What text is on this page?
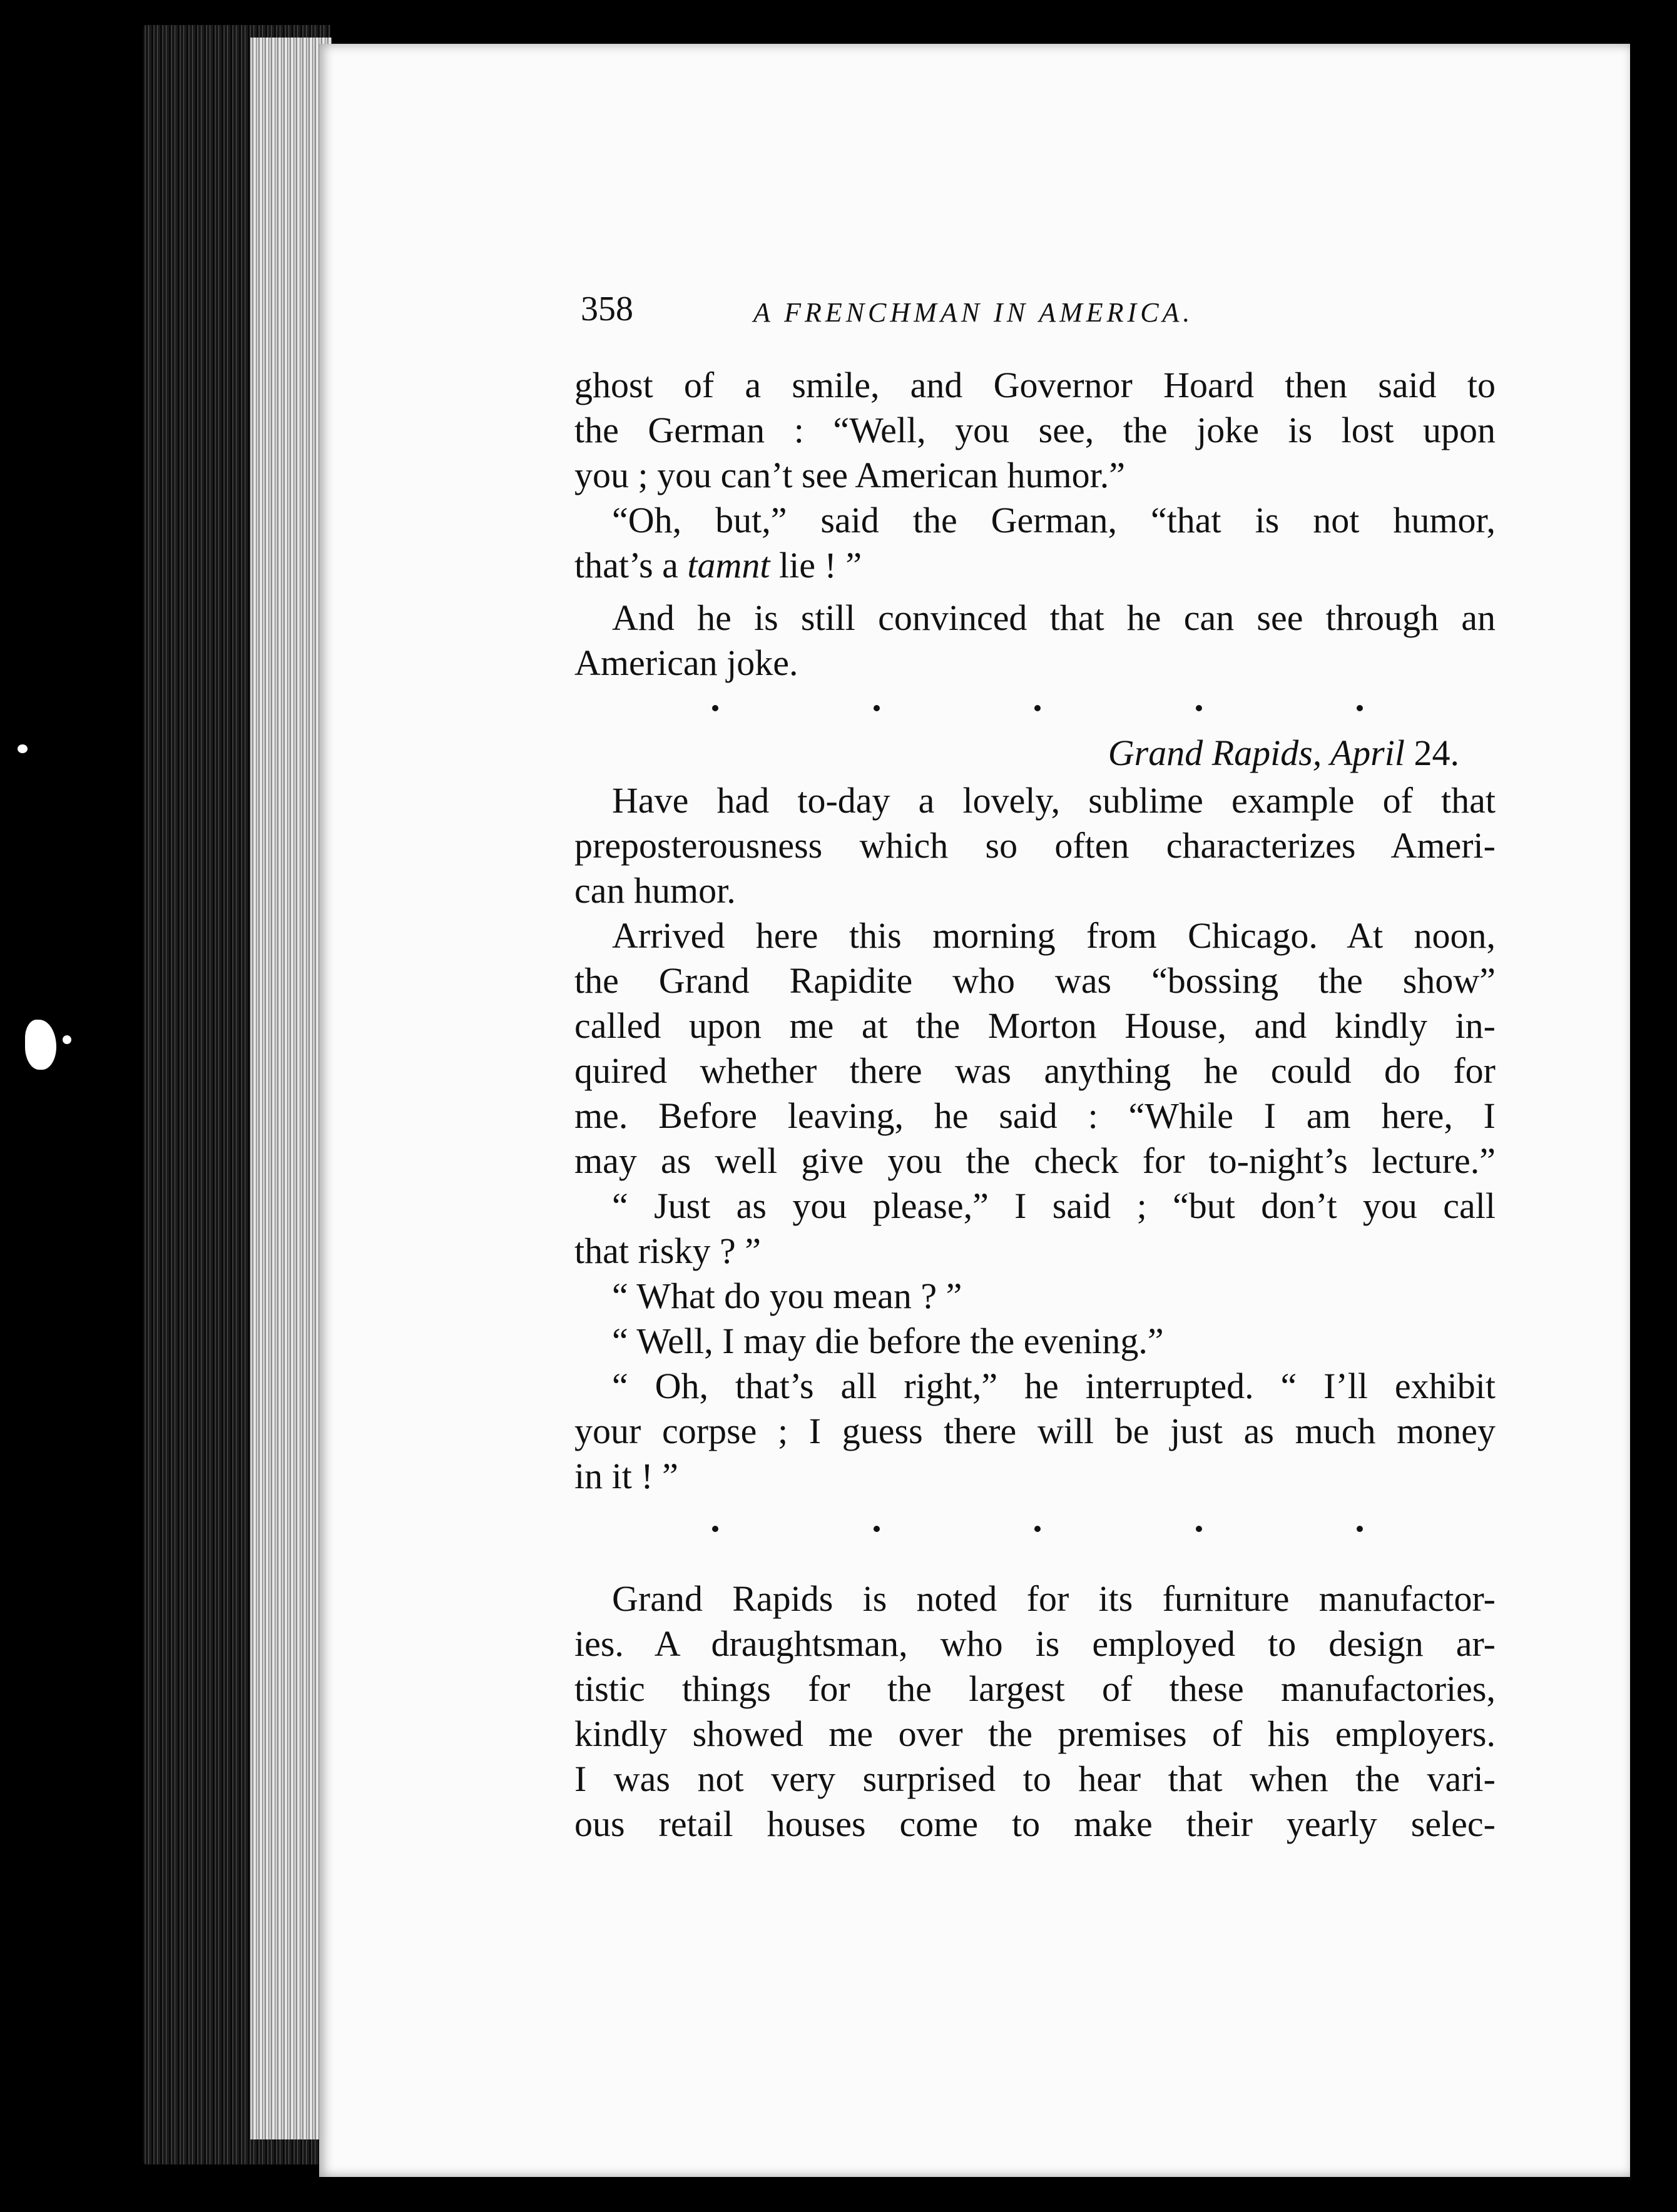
358	A FRENCHMAN IN AMERICA.
ghost of a smile, and Governor Hoard then said to
the German : “Well, you see, the joke is lost upon
you ; you can’t see American humor.”
“Oh, but,” said the German, “that is not humor,
that’s a tamnt lie ! ”
And he is still convinced that he can see through an
American joke.
Grand Rapids, April 24.
Have had to-day a lovely, sublime example of that
preposterousness which so often characterizes Ameri-
can humor.
Arrived here this morning from Chicago. At noon,
the Grand Rapidite who was “bossing the show”
called upon me at the Morton House, and kindly in-
quired whether there was anything he could do for
me. Before leaving, he said : “While I am here, I
may as well give you the check for to-night’s lecture.”
“ Just as you please,” I said ; “but don’t you call
that risky ? ”
“ What do you mean ? ”
“ Well, I may die before the evening.”
“ Oh, that’s all right,” he interrupted. “ I’ll exhibit
your corpse ; I guess there will be just as much money
in it ! ”
Grand Rapids is noted for its furniture manufactor-
ies. A draughtsman, who is employed to design ar-
tistic things for the largest of these manufactories,
kindly showed me over the premises of his employers.
I was not very surprised to hear that when the vari-
ous retail houses come to make their yearly selec-
